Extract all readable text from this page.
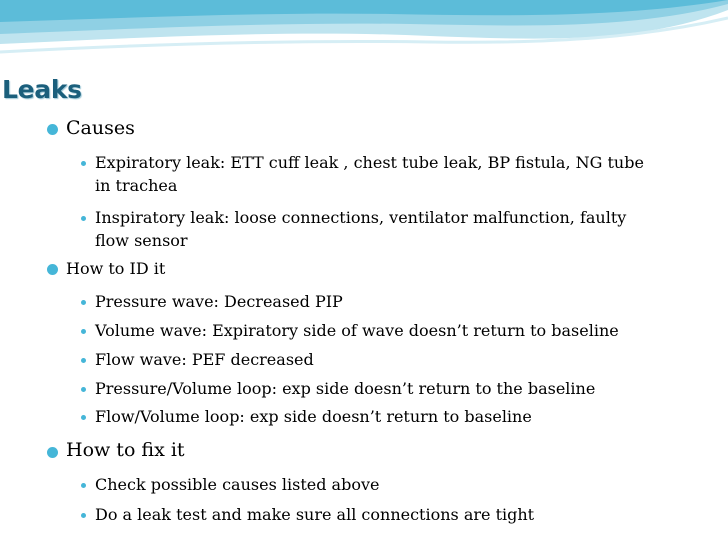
Leaks
Causes
Expiratory leak: ETT cuff leak , chest tube leak, BP fistula, NG tube
in trachea
Inspiratory leak: loose connections, ventilator malfunction, faulty
flow sensor
How to ID it
Pressure wave: Decreased PIP
Volume wave: Expiratory side of wave doesn’t return to baseline
Flow wave: PEF decreased
Pressure/Volume loop: exp side doesn’t return to the baseline
Flow/Volume loop: exp side doesn’t return to baseline
How to fix it
Check possible causes listed above
Do a leak test and make sure all connections are tight
